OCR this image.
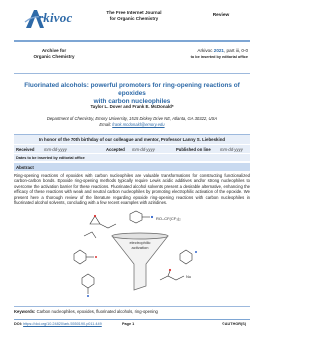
rkivoc	The Free Internet Journal
for Organic Chemistry
Review
Archive for
Organic Chemistry
Arkivoc 2021, part iii, 0-0
to be inserted by editorial office
Fluorinated alcohols: powerful promoters for ring-opening reactions of epoxides
with carbon nucleophiles
Taylor L. Dover and Frank E. McDonald*
Department of Chemistry, Emory University, 1515 Dickey Drive NE, Atlanta, GA 30322, USA
Email: frank.mcdonald@emory.edu
In honor of the 70th birthday of our colleague and mentor, Professor Lanny S. Liebeskind
Received mm-dd-yyyy	Accepted mm-dd-yyyy	Published on line mm-dd-yyyy
Dates to be inserted by editorial office
Abstract
Ring-opening reactions of epoxides with carbon nucleophiles are valuable transformations for constructing functionalized carbon-carbon bonds. Epoxide ring-opening methods typically require Lewis acidic additives and/or strong nucleophiles to overcome the activation barrier for these reactions. Fluorinated alcohol solvents present a desirable alternative, enhancing the efficacy of these reactions with weak and neutral carbon nucleophiles by promoting electrophilic activation of the epoxide. We present here a thorough review of the literature regarding epoxide ring-opening reactions with carbon nucleophiles in fluorinated alcohol solvents, concluding with a few recent examples with aziridines.
RO–CF(CF₃)₂
electrophilic
activation
Nu
Keywords: Carbon nucleophiles, epoxides, fluorinated alcohols, ring-opening
DOI: https://doi.org/10.24820/ark.5550190.p011.449	Page 1	©AUTHOR(S)
